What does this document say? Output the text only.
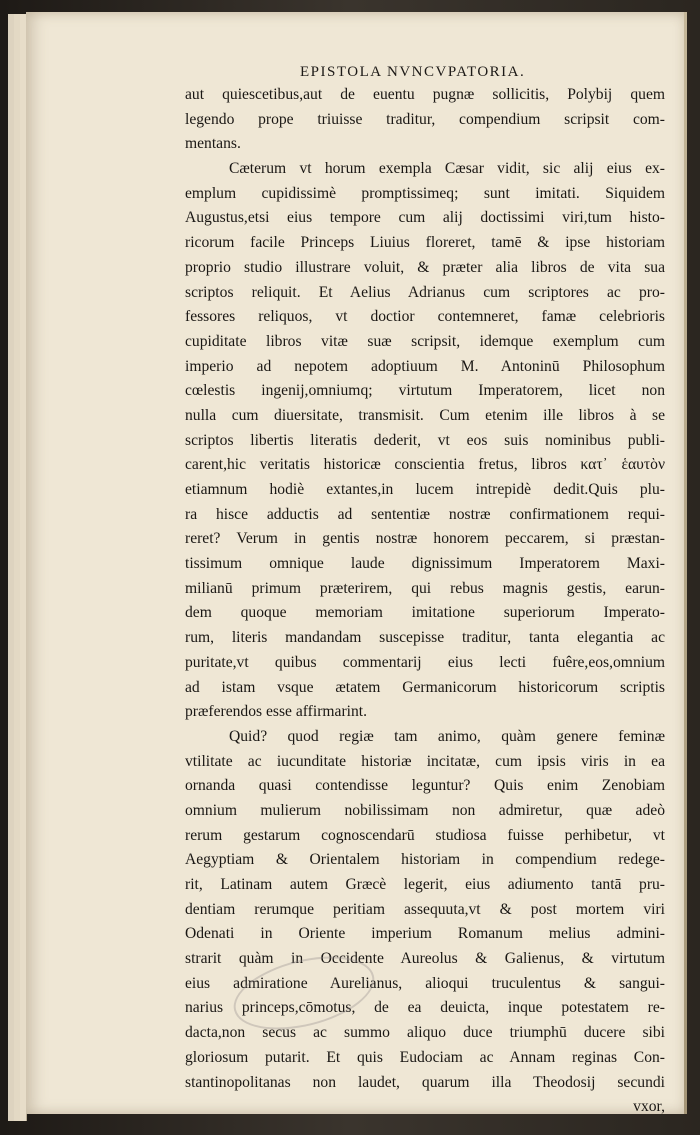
EPISTOLA NVNCVPATORIA.
aut quiescetibus,aut de euentu pugnæ sollicitis, Polybij quem
legendo prope triuisse traditur, compendium scripsit com-
mentans.
Cæterum vt horum exempla Cæsar vidit, sic alij eius ex-
emplum cupidissimè promptissimeq; sunt imitati. Siquidem
Augustus,etsi eius tempore cum alij doctissimi viri,tum histo-
ricorum facile Princeps Liuius floreret, tamē & ipse historiam
proprio studio illustrare voluit, & præter alia libros de vita sua
scriptos reliquit. Et Aelius Adrianus cum scriptores ac pro-
fessores reliquos, vt doctior contemneret, famæ celebrioris
cupiditate libros vitæ suæ scripsit, idemque exemplum cum
imperio ad nepotem adoptiuum M. Antoninū Philosophum
cœlestis ingenij,omniumq; virtutum Imperatorem, licet non
nulla cum diuersitate, transmisit. Cum etenim ille libros à se
scriptos libertis literatis dederit, vt eos suis nominibus publi-
carent,hic veritatis historicæ conscientia fretus, libros κατ᾽ ἑαυτὸν
etiamnum hodiè extantes,in lucem intrepidè dedit.Quis plu-
ra hisce adductis ad sententiæ nostræ confirmationem requi-
reret? Verum in gentis nostræ honorem peccarem, si præstan-
tissimum omnique laude dignissimum Imperatorem Maxi-
milianū primum præterirem, qui rebus magnis gestis, earun-
dem quoque memoriam imitatione superiorum Imperato-
rum, literis mandandam suscepisse traditur, tanta elegantia ac
puritate,vt quibus commentarij eius lecti fuêre,eos,omnium
ad istam vsque ætatem Germanicorum historicorum scriptis
præferendos esse affirmarint.
Quid? quod regiæ tam animo, quàm genere feminæ
vtilitate ac iucunditate historiæ incitatæ, cum ipsis viris in ea
ornanda quasi contendisse leguntur? Quis enim Zenobiam
omnium mulierum nobilissimam non admiretur, quæ adeò
rerum gestarum cognoscendarū studiosa fuisse perhibetur, vt
Aegyptiam & Orientalem historiam in compendium redege-
rit, Latinam autem Græcè legerit, eius adiumento tantā pru-
dentiam rerumque peritiam assequuta,vt & post mortem viri
Odenati in Oriente imperium Romanum melius admini-
strarit quàm in Occidente Aureolus & Galienus, & virtutum
eius admiratione Aurelianus, alioqui truculentus & sangui-
narius princeps,cōmotus, de ea deuictа, inque potestatem re-
dacta,non secus ac summo aliquo duce triumphū ducere sibi
gloriosum putarit. Et quis Eudociam ac Annam reginas Con-
stantinopolitanas non laudet, quarum illa Theodosij secundi
vxor,
